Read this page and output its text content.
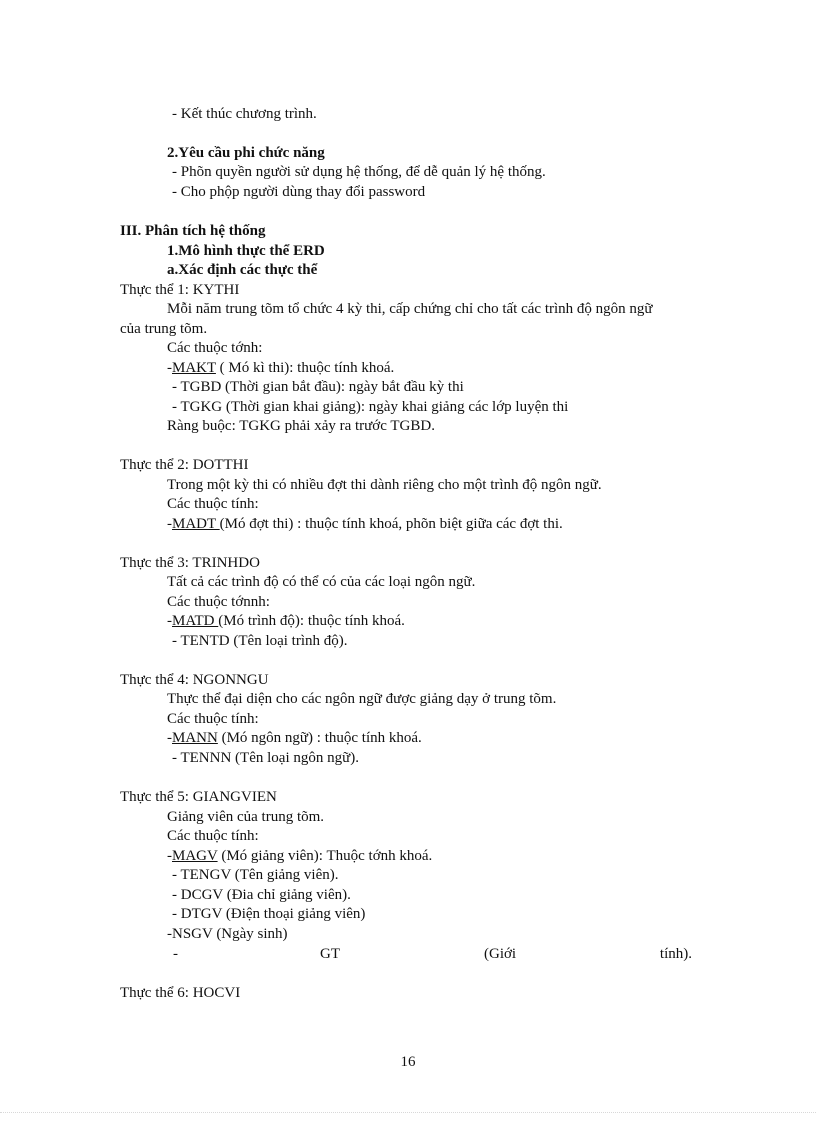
- Kết thúc chương trình.
2.Yêu cầu phi chức năng
- Phõn quyền người sử dụng hệ thống, để dễ quản lý hệ thống.
- Cho phộp người dùng thay đổi password
III. Phân tích hệ thống
1.Mô hình thực thể ERD
a.Xác định các thực thể
Thực thể 1: KYTHI
Mỗi năm trung tõm tổ chức 4 kỳ thi, cấp chứng chỉ cho tất các trình độ ngôn ngữ
của trung tõm.
Các thuộc tớnh:
-MAKT ( Mó kì thi): thuộc tính khoá.
- TGBD (Thời gian bắt đầu): ngày bắt đầu kỳ thi
- TGKG (Thời gian khai giảng): ngày khai giảng các lớp luyện thi
Ràng buộc: TGKG phải xảy ra trước TGBD.
Thực thể 2: DOTTHI
Trong một kỳ thi có nhiều đợt thi dành riêng cho một trình độ ngôn ngữ.
Các thuộc tính:
-MADT (Mó đợt thi) : thuộc tính khoá, phõn biệt giữa các đợt thi.
Thực thể 3: TRINHDO
Tất cả các trình độ có thể có của các loại ngôn ngữ.
Các thuộc tớnnh:
-MATD (Mó trình độ): thuộc tính khoá.
- TENTD (Tên loại trình độ).
Thực thể 4: NGONNGU
Thực thể đại diện cho các ngôn ngữ được giảng dạy ở trung tõm.
Các thuộc tính:
-MANN (Mó ngôn ngữ) : thuộc tính khoá.
- TENNN (Tên loại ngôn ngữ).
Thực thể 5: GIANGVIEN
Giảng viên của trung tõm.
Các thuộc tính:
-MAGV (Mó giảng viên): Thuộc tớnh khoá.
- TENGV (Tên giảng viên).
- DCGV (Đia chỉ giảng viên).
- DTGV (Điện thoại giảng viên)
-NSGV (Ngày sinh)
-	GT	(Giới	tính).
Thực thể 6: HOCVI
16
